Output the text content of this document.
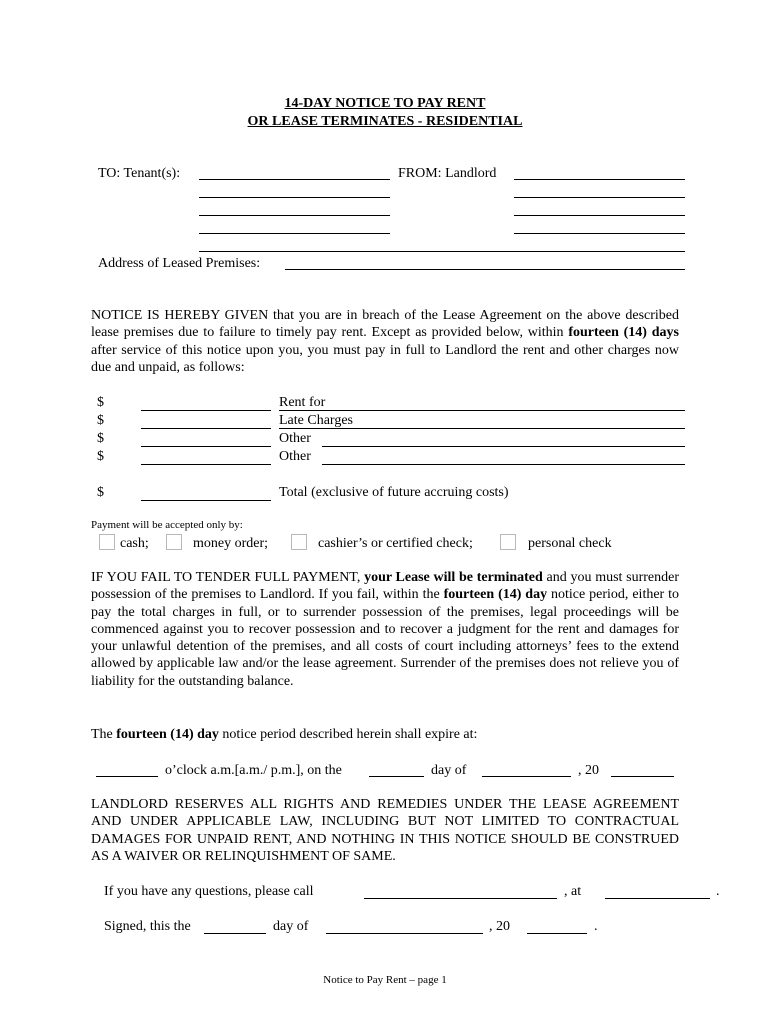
14-DAY NOTICE TO PAY RENT
OR LEASE TERMINATES - RESIDENTIAL
TO: Tenant(s):	FROM: Landlord
Address of Leased Premises:
NOTICE IS HEREBY GIVEN that you are in breach of the Lease Agreement on the above described lease premises due to failure to timely pay rent. Except as provided below, within fourteen (14) days after service of this notice upon you, you must pay in full to Landlord the rent and other charges now due and unpaid, as follows:
$	Rent for
$	Late Charges
$	Other
$	Other
$	Total (exclusive of future accruing costs)
Payment will be accepted only by:
cash;	money order;	cashier’s or certified check;	personal check
IF YOU FAIL TO TENDER FULL PAYMENT, your Lease will be terminated and you must surrender possession of the premises to Landlord. If you fail, within the fourteen (14) day notice period, either to pay the total charges in full, or to surrender possession of the premises, legal proceedings will be commenced against you to recover possession and to recover a judgment for the rent and damages for your unlawful detention of the premises, and all costs of court including attorneys’ fees to the extend allowed by applicable law and/or the lease agreement. Surrender of the premises does not relieve you of liability for the outstanding balance.
The fourteen (14) day notice period described herein shall expire at:
o’clock a.m.[a.m./ p.m.], on the	day of	, 20
LANDLORD RESERVES ALL RIGHTS AND REMEDIES UNDER THE LEASE AGREEMENT AND UNDER APPLICABLE LAW, INCLUDING BUT NOT LIMITED TO CONTRACTUAL DAMAGES FOR UNPAID RENT, AND NOTHING IN THIS NOTICE SHOULD BE CONSTRUED AS A WAIVER OR RELINQUISHMENT OF SAME.
If you have any questions, please call	, at	.
Signed, this the	day of	, 20	.
Notice to Pay Rent – page 1
